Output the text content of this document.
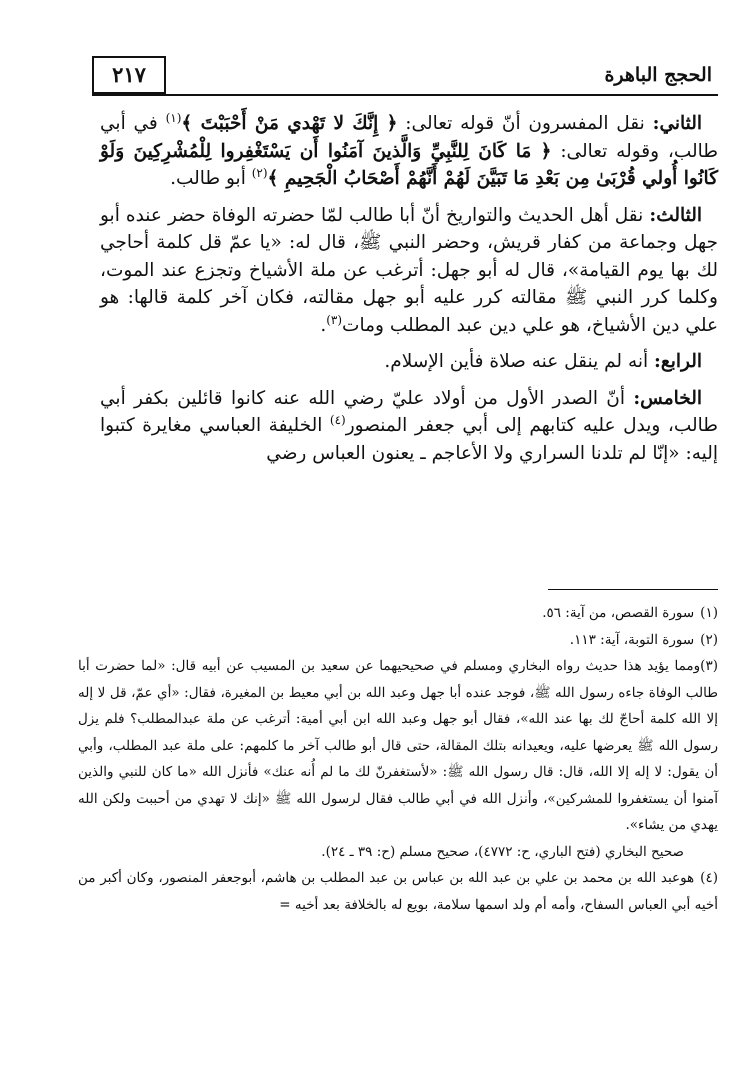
الحجج الباهرة
٢١٧

الثاني: نقل المفسرون أنّ قوله تعالى: ﴿ إِنَّكَ لا تَهْدي مَنْ أَحْبَبْتَ ﴾$^{(١)}$ في أبي طالب، وقوله تعالى: ﴿ مَا كَانَ لِلنَّبِيِّ وَالَّذينَ آمَنُوا أَن يَسْتَغْفِروا لِلْمُشْرِكِينَ وَلَوْ كَانُوا أُولي قُرْبَىٰ مِن بَعْدِ مَا تَبَيَّنَ لَهُمْ أَنَّهُمْ أَصْحَابُ الْجَحِيمِ ﴾$^{(٢)}$ أبو طالب.

الثالث: نقل أهل الحديث والتواريخ أنّ أبا طالب لمّا حضرته الوفاة حضر عنده أبو جهل وجماعة من كفار قريش، وحضر النبي ﷺ، قال له: «يا عمّ قل كلمة أحاجي لك بها يوم القيامة»، قال له أبو جهل: أترغب عن ملة الأشياخ وتجزع عند الموت، وكلما كرر النبي ﷺ مقالته كرر عليه أبو جهل مقالته، فكان آخر كلمة قالها: هو علي دين الأشياخ، هو علي دين عبد المطلب ومات$^{(٣)}$.

الرابع: أنه لم ينقل عنه صلاة فأين الإسلام.

الخامس: أنّ الصدر الأول من أولاد عليّ رضي الله عنه كانوا قائلين بكفر أبي طالب، ويدل عليه كتابهم إلى أبي جعفر المنصور$^{(٤)}$ الخليفة العباسي مغايرة كتبوا إليه: «إنّا لم تلدنا السراري ولا الأعاجم ـ يعنون العباس رضي

(١)سورة القصص، من آية: ٥٦.

(٢)سورة التوبة، آية: ١١٣.

(٣)ومما يؤيد هذا حديث رواه البخاري ومسلم في صحيحيهما عن سعيد بن المسيب عن أبيه قال: «لما حضرت أبا طالب الوفاة جاءه رسول الله ﷺ، فوجد عنده أبا جهل وعبد الله بن أبي معيط بن المغيرة، فقال: «أي عمّ، قل لا إله إلا الله كلمة أحاجّ لك بها عند الله»، فقال أبو جهل وعبد الله ابن أبي أمية: أترغب عن ملة عبدالمطلب؟ فلم يزل رسول الله ﷺ يعرضها عليه، ويعيدانه بتلك المقالة، حتى قال أبو طالب آخر ما كلمهم: على ملة عبد المطلب، وأبي أن يقول: لا إله إلا الله، قال: قال رسول الله ﷺ: «لأستغفرنّ لك ما لم أُنه عنك» فأنزل الله «ما كان للنبي والذين آمنوا أن يستغفروا للمشركين»، وأنزل الله في أبي طالب فقال لرسول الله ﷺ «إنك لا تهدي من أحببت ولكن الله يهدي من يشاء».

صحيح البخاري (فتح الباري، ح: ٤٧٧٢)، صحيح مسلم (ح: ٣٩ ـ ٢٤).

(٤)هوعبد الله بن محمد بن علي بن عبد الله بن عباس بن عبد المطلب بن هاشم، أبوجعفر المنصور، وكان أكبر من أخيه أبي العباس السفاح، وأمه أم ولد اسمها سلامة، بويع له بالخلافة بعد أخيه =
